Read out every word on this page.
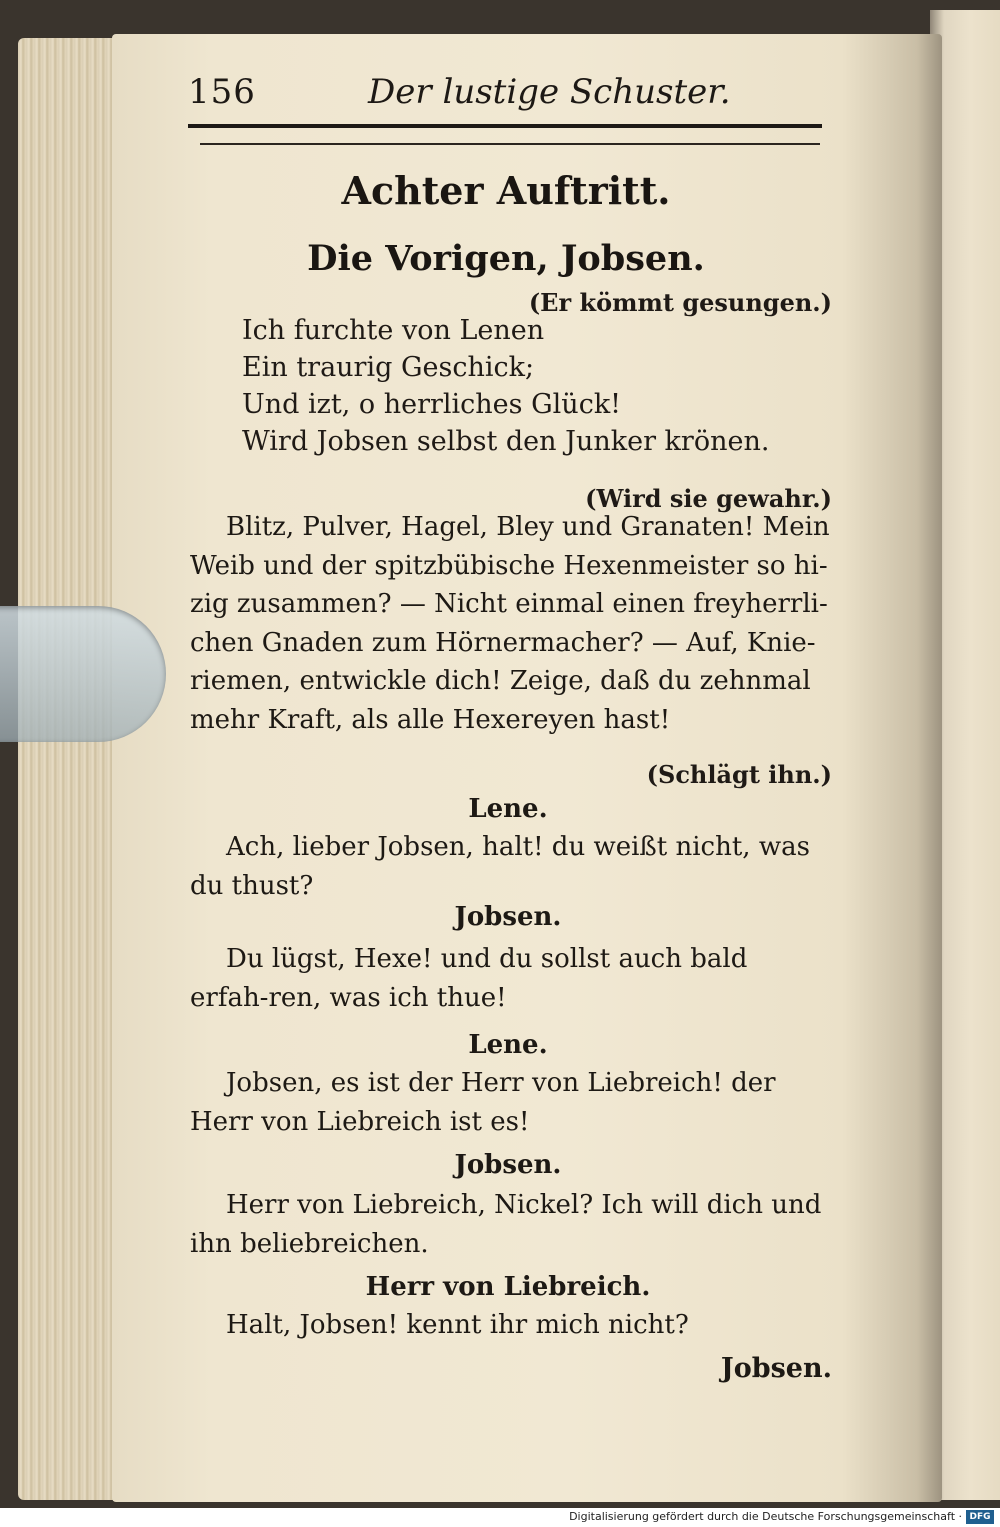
156	Der lustige Schuster.
Achter Auftritt.
Die Vorigen, Jobsen.
(Er kömmt gesungen.)
Ich furchte von Lenen
Ein traurig Geschick;
Und izt, o herrliches Glück!
Wird Jobsen selbst den Junker krönen.
(Wird sie gewahr.)

Blitz, Pulver, Hagel, Bley und Granaten! Mein Weib und der spitzbübische Hexenmeister so hi-zig zusammen? — Nicht einmal einen freyherrli-chen Gnaden zum Hörnermacher? — Auf, Knie-riemen, entwickle dich! Zeige, daß du zehnmal mehr Kraft, als alle Hexereyen hast!

(Schlägt ihn.)
Lene.

Ach, lieber Jobsen, halt! du weißt nicht, was du thust?

Jobsen.

Du lügst, Hexe! und du sollst auch bald erfah-ren, was ich thue!

Lene.

Jobsen, es ist der Herr von Liebreich! der Herr von Liebreich ist es!

Jobsen.

Herr von Liebreich, Nickel? Ich will dich und ihn beliebreichen.

Herr von Liebreich.

Halt, Jobsen! kennt ihr mich nicht?

Jobsen.
Digitalisierung gefördert durch die Deutsche Forschungsgemeinschaft · DFG
